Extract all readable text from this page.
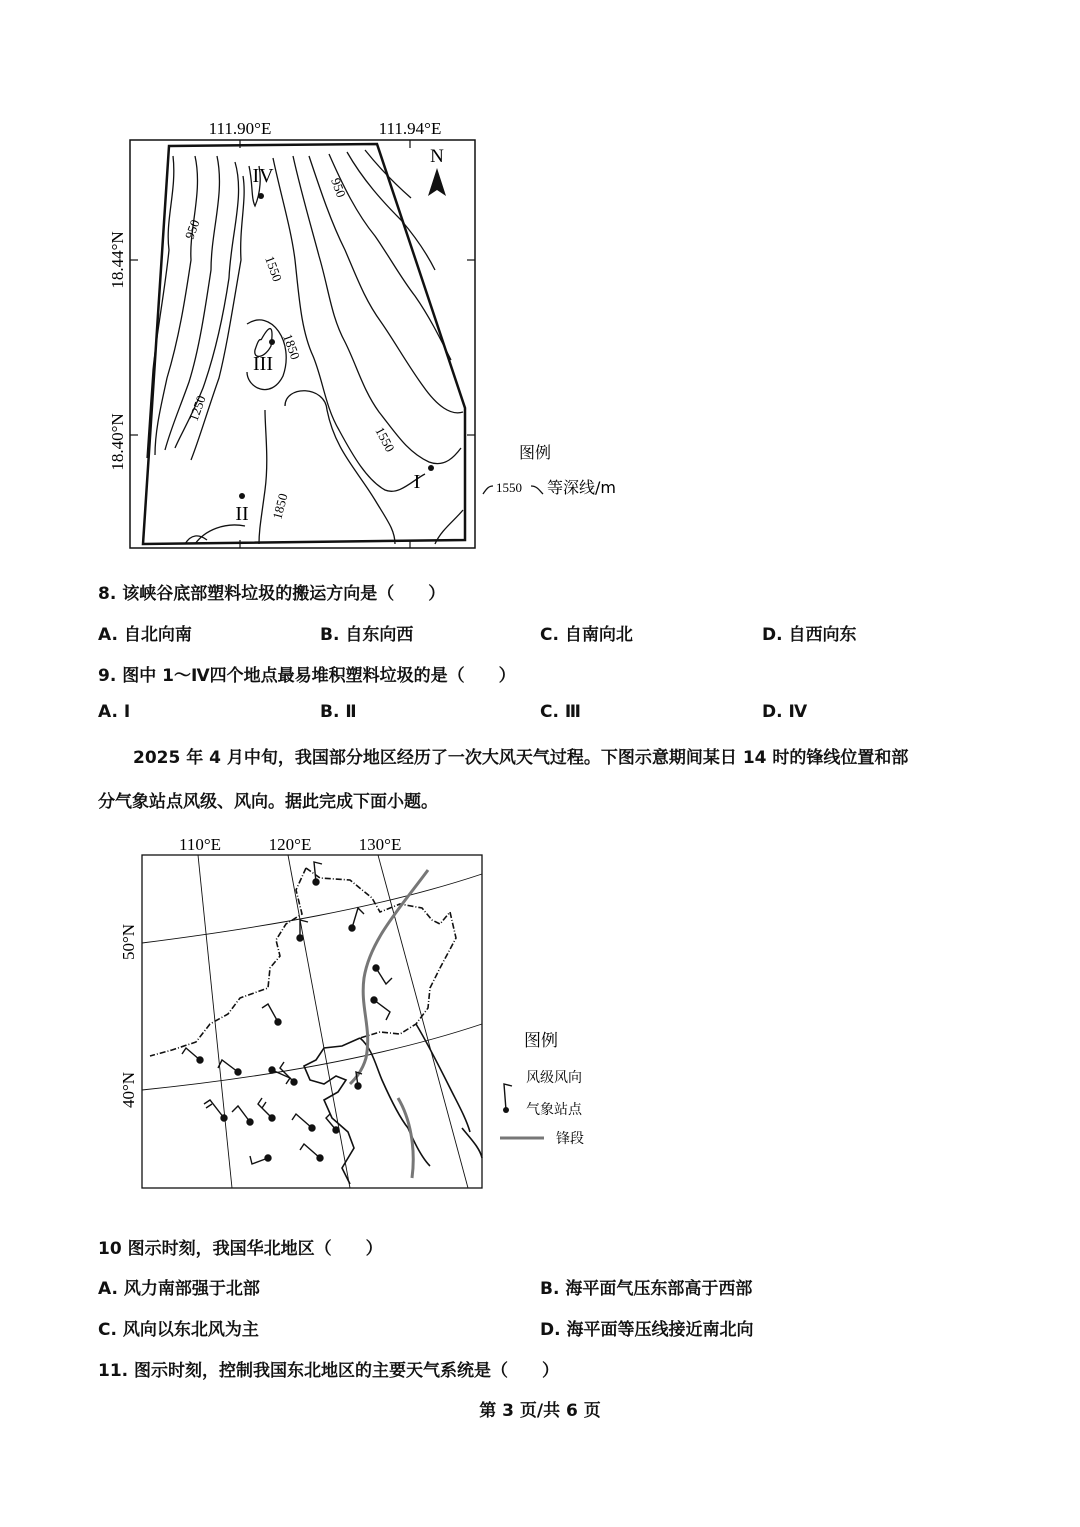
111.90°E	111.94°E
18.44°N
18.40°N
950
950
1550
1850
1250
1550
1850
IV
III
II
I
N
图例
1550 等深线/m
8. 该峡谷底部塑料垃圾的搬运方向是（　　）
A. 自北向南	B. 自东向西	C. 自南向北	D. 自西向东
9. 图中 1～Ⅳ四个地点最易堆积塑料垃圾的是（　　）
A. I	B. Ⅱ	C. Ⅲ	D. Ⅳ
2025 年 4 月中旬，我国部分地区经历了一次大风天气过程。下图示意期间某日 14 时的锋线位置和部
分气象站点风级、风向。据此完成下面小题。
110°E	120°E	130°E
50°N
40°N
图例
风级风向
气象站点
锋段
10 图示时刻，我国华北地区（　　）
A. 风力南部强于北部	B. 海平面气压东部高于西部
C. 风向以东北风为主	D. 海平面等压线接近南北向
11. 图示时刻，控制我国东北地区的主要天气系统是（　　）
第 3 页/共 6 页
